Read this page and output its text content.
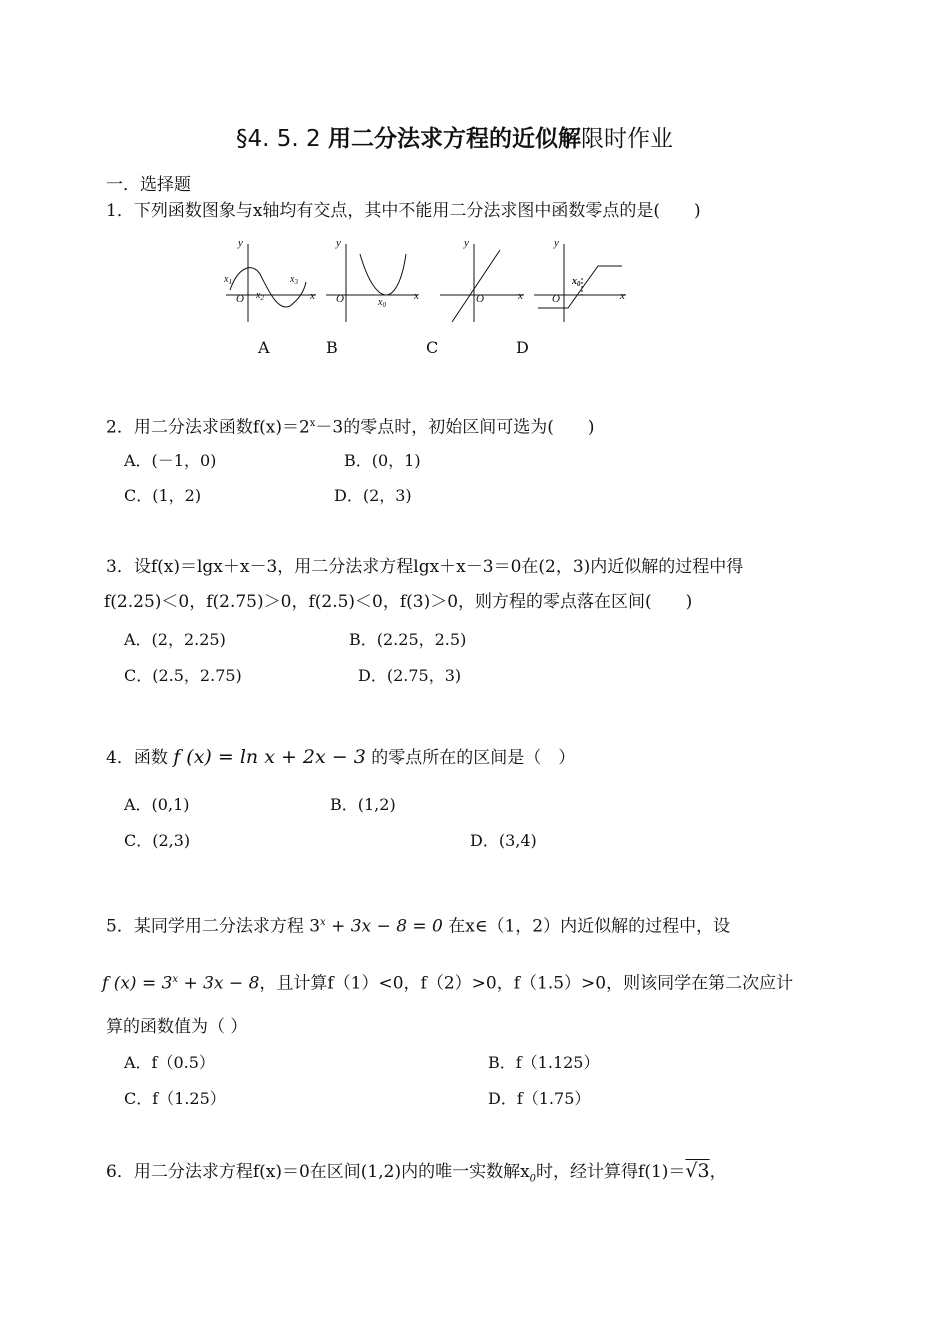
§4. 5. 2 用二分法求方程的近似解限时作业
一．选择题
1．下列函数图象与x轴均有交点，其中不能用二分法求图中函数零点的是(　　)
y
x
O
$x_1$
$x_2$
$x_3$
y
x
O	$x_0$
y
x
O
y
x
O
$x_0$
A	B	C	D
2．用二分法求函数$f(x)=2^x-3$的零点时，初始区间可选为(　　)
A．(－1，0)	B．(0，1)
C．(1，2)	D．(2，3)
3．设f(x)＝lgx＋x－3，用二分法求方程lgx＋x－3＝0在(2，3)内近似解的过程中得
f(2.25)＜0，f(2.75)＞0，f(2.5)＜0，f(3)＞0，则方程的零点落在区间(　　)
A．(2，2.25)	B．(2.25，2.5)
C．(2.5，2.75)	D．(2.75，3)
4．函数 f (x) = ln x + 2x − 3 的零点所在的区间是（　）
A．(0,1)	B．(1,2)
C．(2,3)	D．(3,4)
5．某同学用二分法求方程 $3^x + 3x - 8 = 0$ 在x∈（1，2）内近似解的过程中，设
f $(x) = 3^x + 3x - 8$，且计算f（1）<0，f（2）>0，f（1.5）>0，则该同学在第二次应计
算的函数值为（ ）
A．f（0.5）	B．f（1.125）
C．f（1.25）	D．f（1.75）
6．用二分法求方程f(x)＝0在区间(1,2)内的唯一实数解$x_0$时，经计算得f(1)＝√3，
